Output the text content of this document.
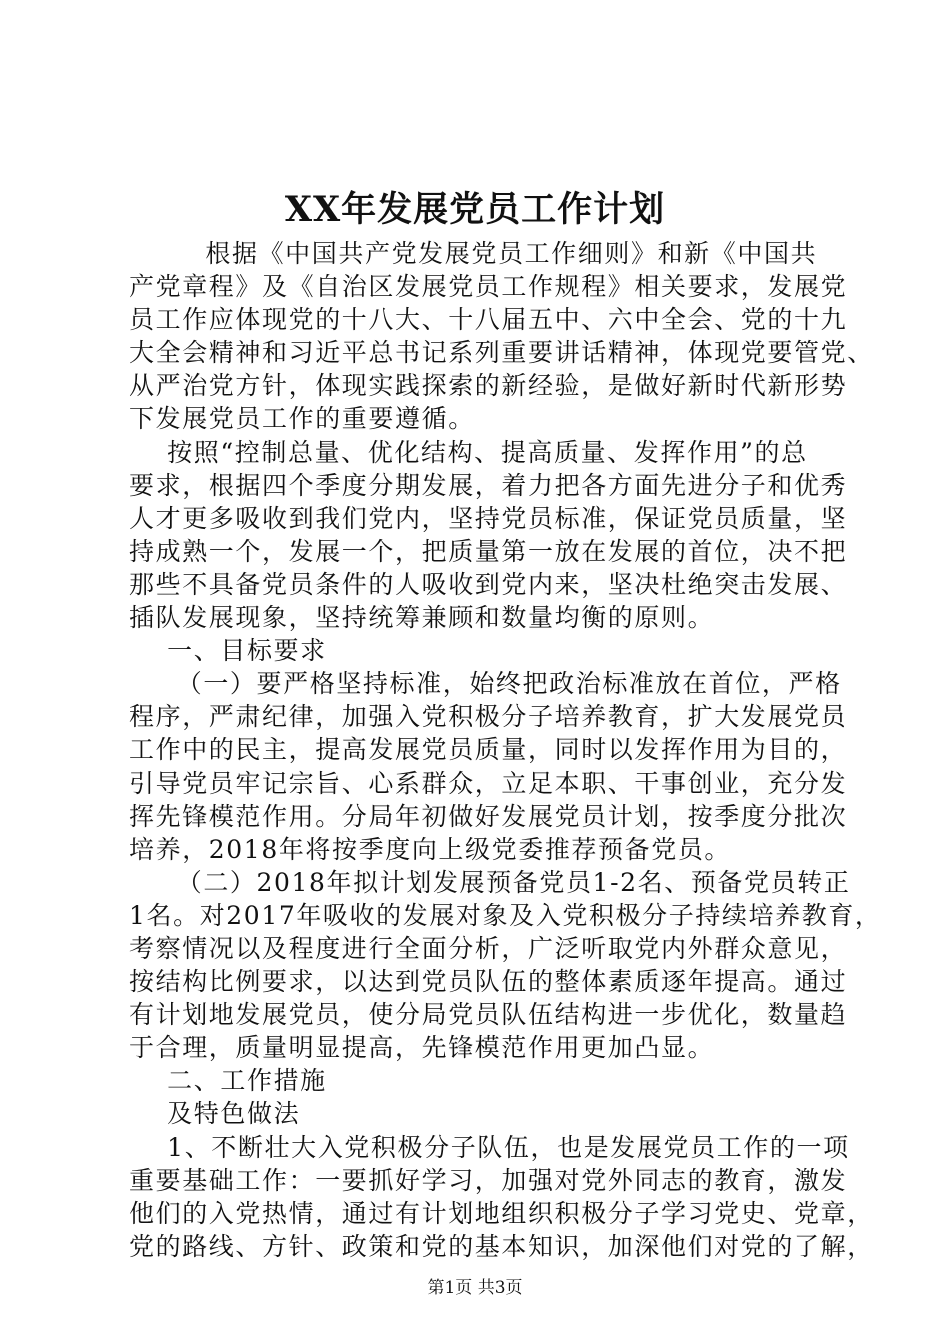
XX年发展党员工作计划
根据《中国共产党发展党员工作细则》和新《中国共
产党章程》及《自治区发展党员工作规程》相关要求，发展党
员工作应体现党的十八大、十八届五中、六中全会、党的十九
大全会精神和习近平总书记系列重要讲话精神，体现党要管党、
从严治党方针，体现实践探索的新经验，是做好新时代新形势
下发展党员工作的重要遵循。
按照“控制总量、优化结构、提高质量、发挥作用”的总
要求，根据四个季度分期发展，着力把各方面先进分子和优秀
人才更多吸收到我们党内，坚持党员标准，保证党员质量，坚
持成熟一个，发展一个，把质量第一放在发展的首位，决不把
那些不具备党员条件的人吸收到党内来，坚决杜绝突击发展、
插队发展现象，坚持统筹兼顾和数量均衡的原则。
一、目标要求
（一）要严格坚持标准，始终把政治标准放在首位，严格
程序，严肃纪律，加强入党积极分子培养教育，扩大发展党员
工作中的民主，提高发展党员质量，同时以发挥作用为目的，
引导党员牢记宗旨、心系群众，立足本职、干事创业，充分发
挥先锋模范作用。分局年初做好发展党员计划，按季度分批次
培养，2018年将按季度向上级党委推荐预备党员。
（二）2018年拟计划发展预备党员1-2名、预备党员转正
1名。对2017年吸收的发展对象及入党积极分子持续培养教育，
考察情况以及程度进行全面分析，广泛听取党内外群众意见，
按结构比例要求，以达到党员队伍的整体素质逐年提高。通过
有计划地发展党员，使分局党员队伍结构进一步优化，数量趋
于合理，质量明显提高，先锋模范作用更加凸显。
二、工作措施
及特色做法
1、不断壮大入党积极分子队伍，也是发展党员工作的一项
重要基础工作：一要抓好学习，加强对党外同志的教育，激发
他们的入党热情，通过有计划地组织积极分子学习党史、党章，
党的路线、方针、政策和党的基本知识，加深他们对党的了解，
第1页 共3页
